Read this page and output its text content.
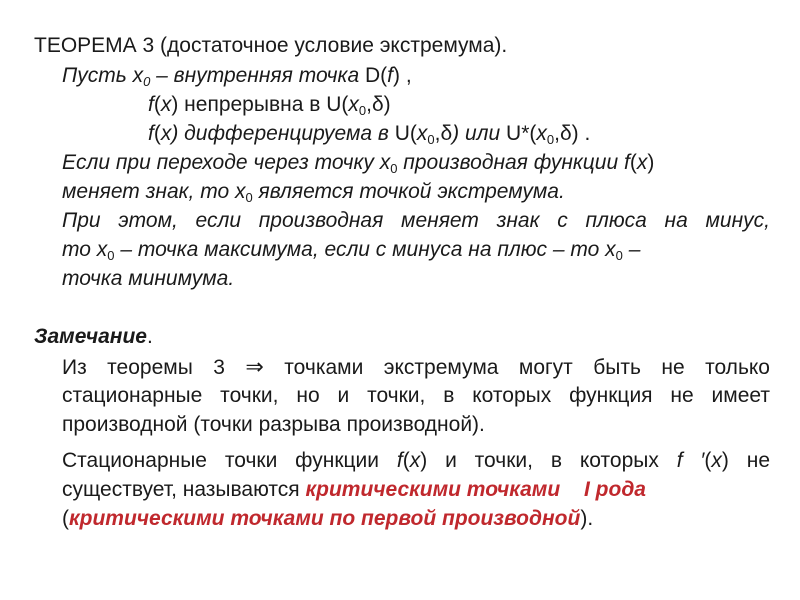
ТЕОРЕМА 3 (достаточное условие экстремума).
Пусть $x_0$ – внутренняя точка D(f) ,
f(x) непрерывна в $U(x_0,\delta)$
f(x) дифференцируема в $U(x_0,\delta)$ или $U*(x_0,\delta)$ .
Если при переходе через точку $x_0$ производная функции f(x)
меняет знак, то $x_0$ является точкой экстремума.
При этом, если производная меняет знак с плюса на минус,
то $x_0$ – точка максимума, если с минуса на плюс – то $x_0$ –
точка минимума.
Замечание.
Из теоремы 3 ⇒ точками экстремума могут быть не только
стационарные точки, но и точки, в которых функция не имеет
производной (точки разрыва производной).
Стационарные точки функции f(x) и точки, в которых f ′(x) не
существует, называются критическими точками I рода
(критическими точками по первой производной).
